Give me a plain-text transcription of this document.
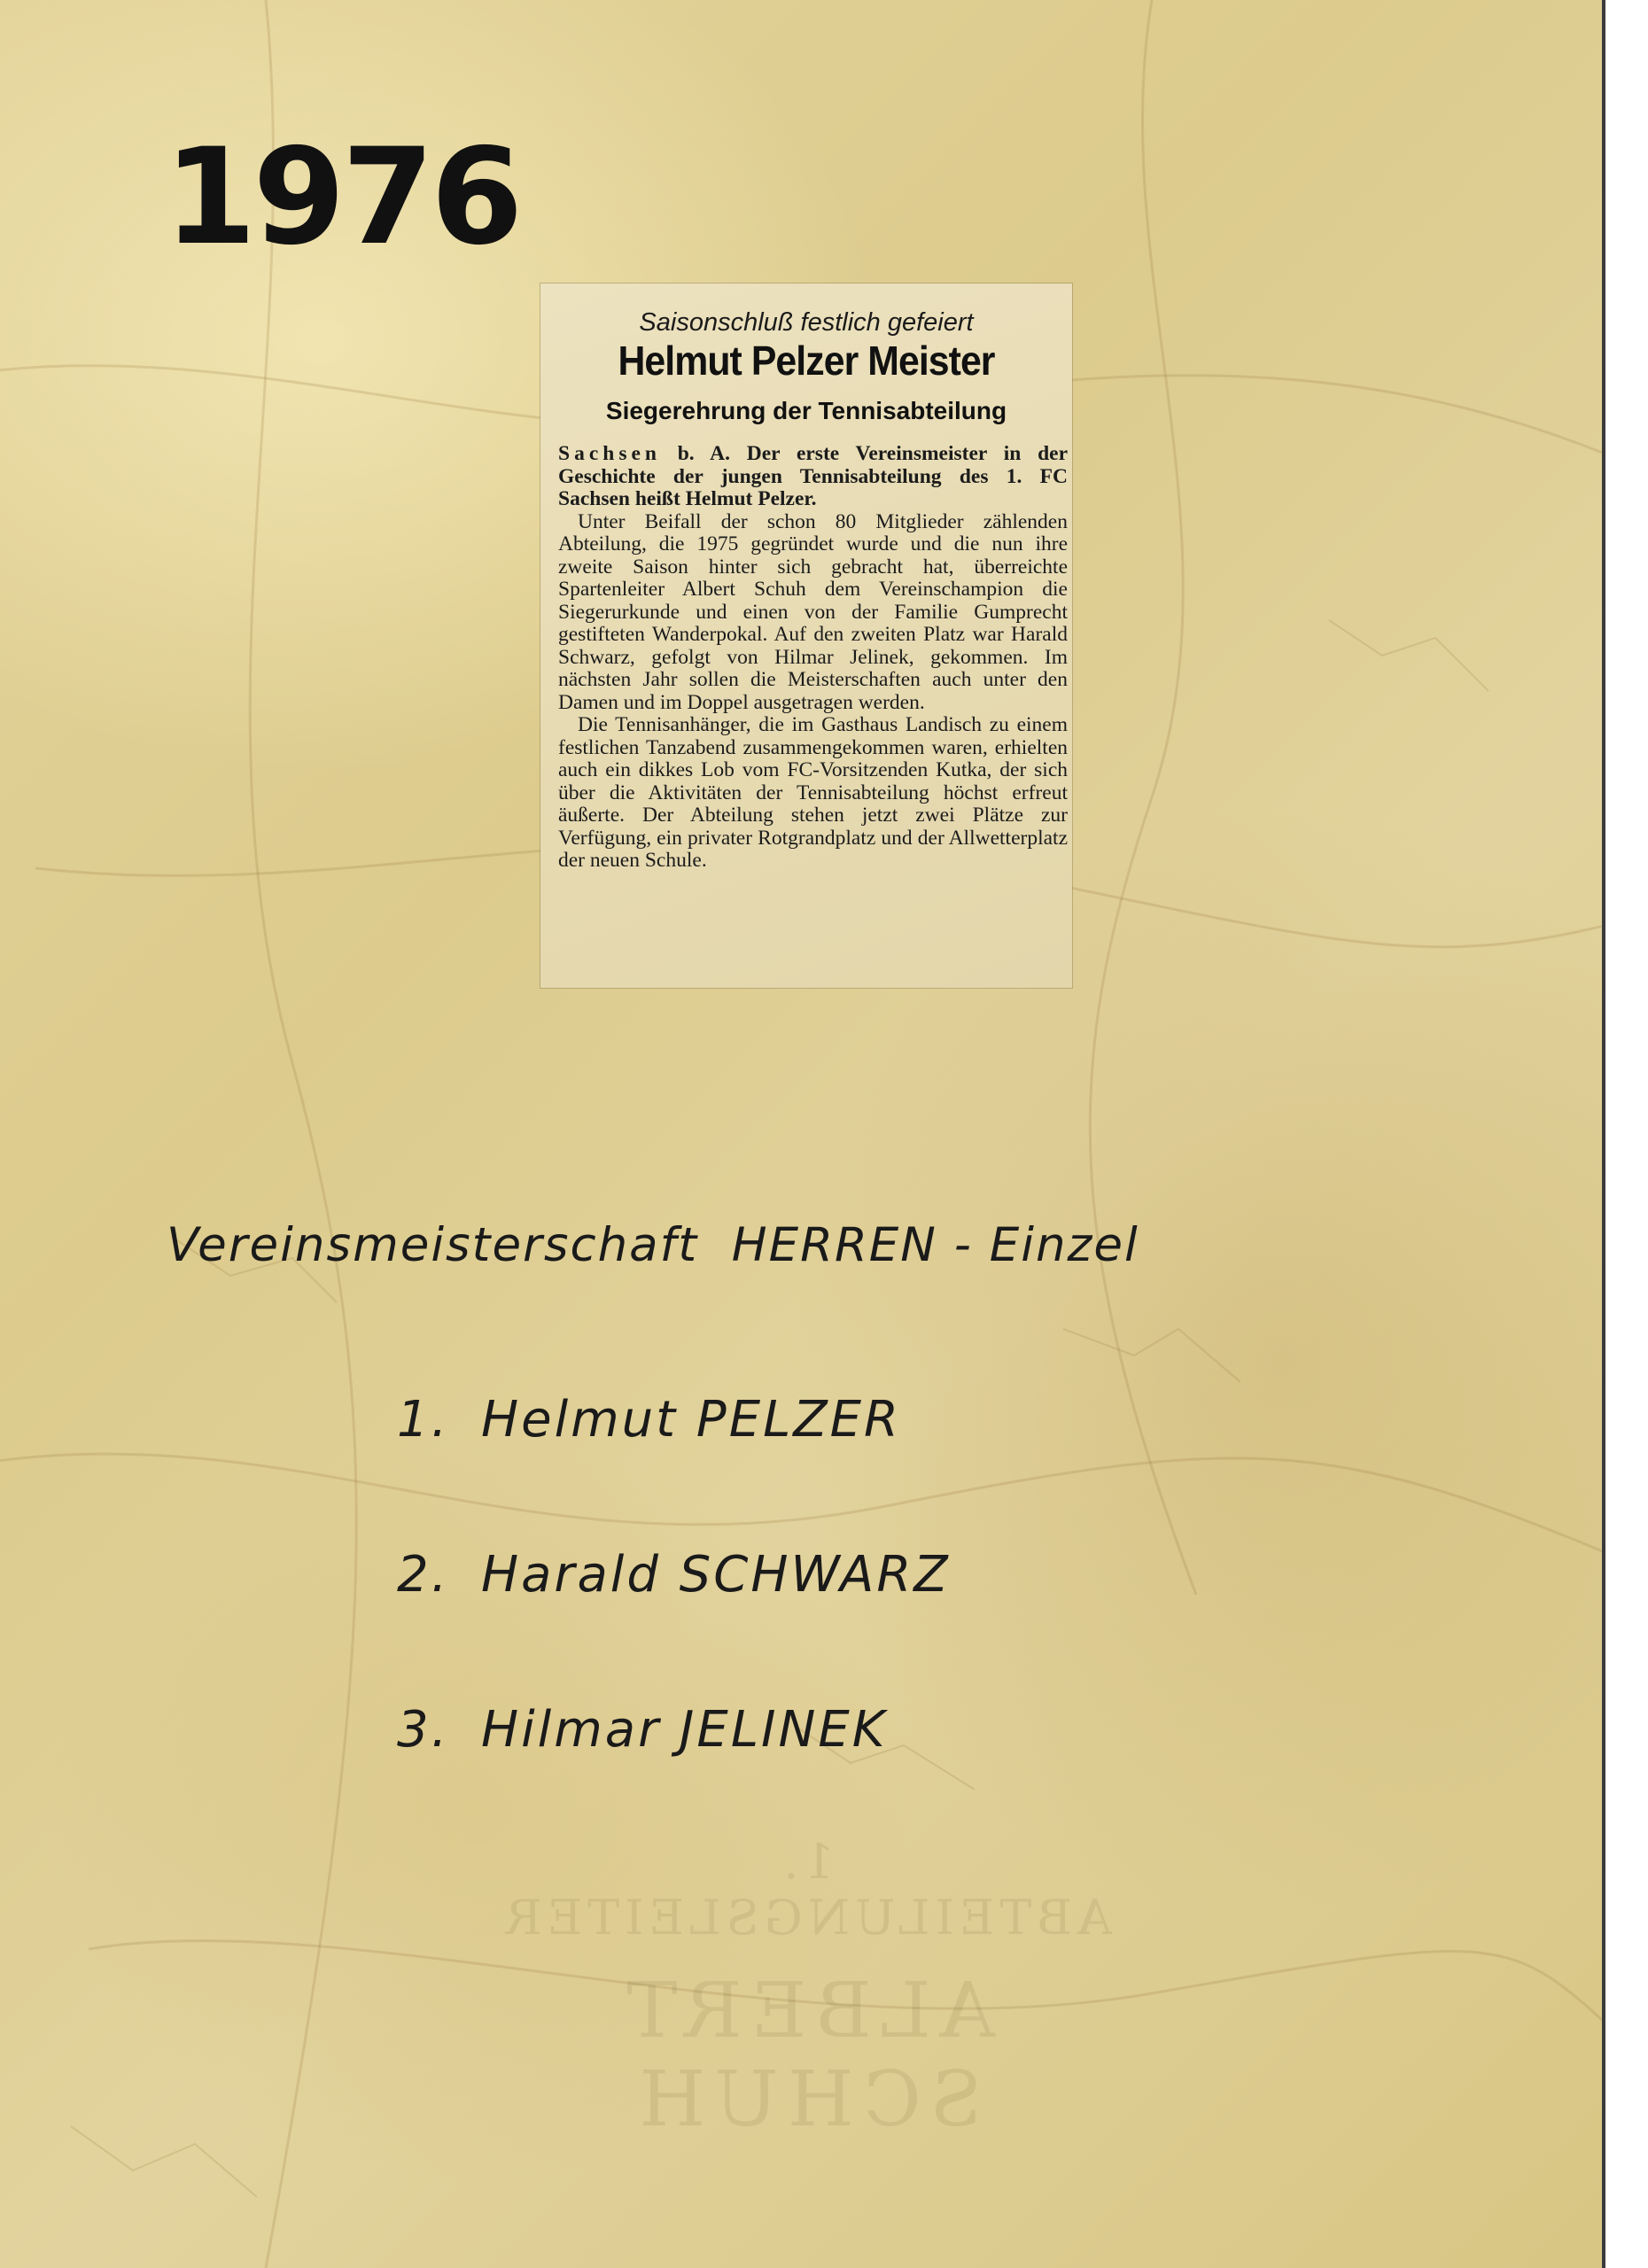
1976

Saisonschluß festlich gefeiert

Helmut Pelzer Meister
Siegerehrung der Tennisabteilung

Sachsen b. A. Der erste Vereinsmeister in der Geschichte der jungen Tennisabteilung des 1. FC Sachsen heißt Helmut Pelzer.

Unter Beifall der schon 80 Mitglieder zählenden Abteilung, die 1975 gegründet wurde und die nun ihre zweite Saison hinter sich gebracht hat, überreichte Spartenleiter Albert Schuh dem Vereinschampion die Siegerurkunde und einen von der Familie Gumprecht gestifteten Wanderpokal. Auf den zweiten Platz war Harald Schwarz, gefolgt von Hilmar Jelinek, gekommen. Im nächsten Jahr sollen die Meisterschaften auch unter den Damen und im Doppel ausgetragen werden.

Die Tennisanhänger, die im Gasthaus Landisch zu einem festlichen Tanzabend zusammengekommen waren, erhielten auch ein dikkes Lob vom FC-Vorsitzenden Kutka, der sich über die Aktivitäten der Tennisabteilung höchst erfreut äußerte. Der Abteilung stehen jetzt zwei Plätze zur Verfügung, ein privater Rotgrandplatz und der Allwetterplatz der neuen Schule.

1. ABTEILUNGSLEITER

ALBERT SCHUH

Vereinsmeisterschaft  HERREN - Einzel
1. Helmut PELZER
2. Harald SCHWARZ
3. Hilmar JELINEK
